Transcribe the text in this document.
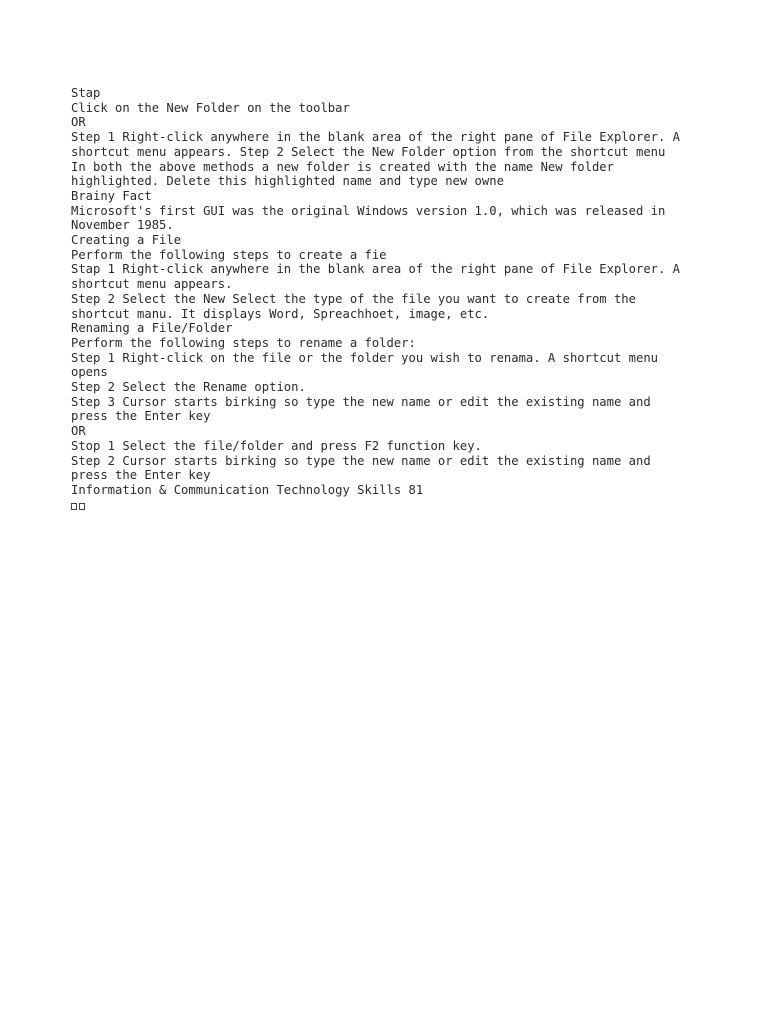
Stap

Click on the New Folder on the toolbar

OR

Step 1 Right-click anywhere in the blank area of the right pane of File Explorer. A

shortcut menu appears. Step 2 Select the New Folder option from the shortcut menu

In both the above methods a new folder is created with the name New folder

highlighted. Delete this highlighted name and type new owne

Brainy Fact

Microsoft's first GUI was the original Windows version 1.0, which was released in

November 1985.

Creating a File

Perform the following steps to create a fie

Stap 1 Right-click anywhere in the blank area of the right pane of File Explorer. A

shortcut menu appears.

Step 2 Select the New Select the type of the file you want to create from the

shortcut manu. It displays Word, Spreachhoet, image, etc.

Renaming a File/Folder

Perform the following steps to rename a folder:

Step 1 Right-click on the file or the folder you wish to renama. A shortcut menu

opens

Step 2 Select the Rename option.

Step 3 Cursor starts birking so type the new name or edit the existing name and

press the Enter key

OR

Stop 1 Select the file/folder and press F2 function key.

Step 2 Cursor starts birking so type the new name or edit the existing name and

press the Enter key

Information & Communication Technology Skills 81
